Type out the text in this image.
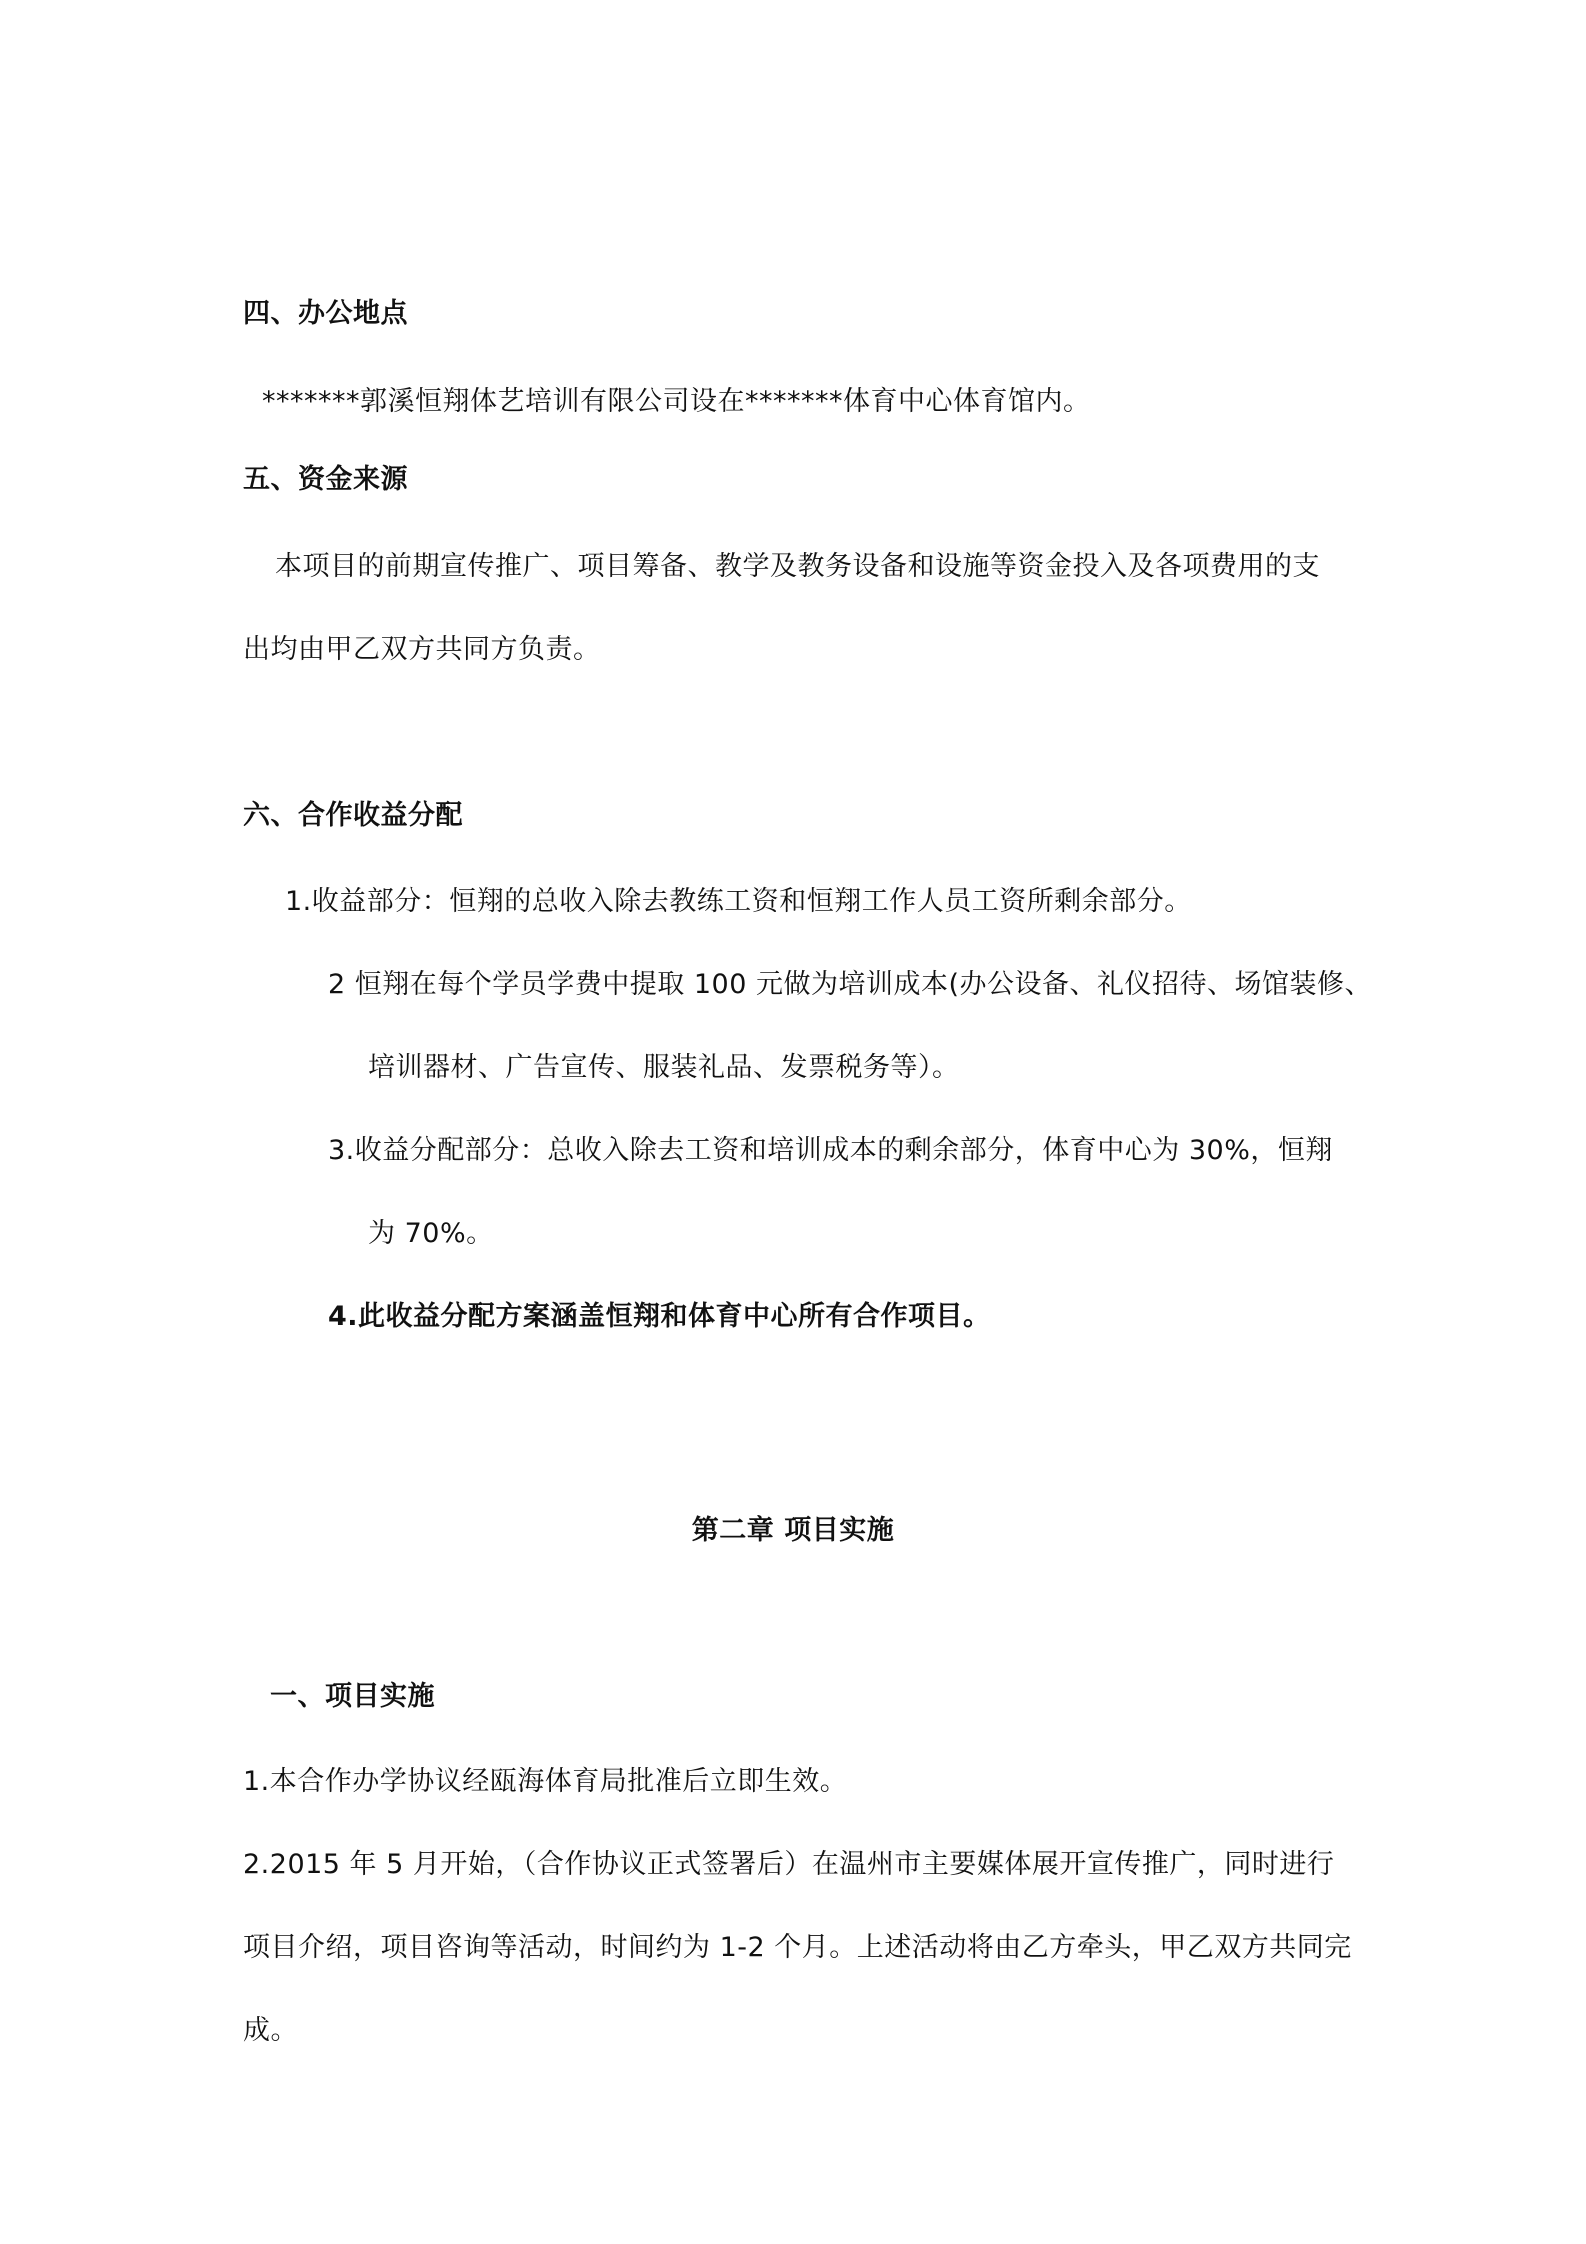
四、办公地点
*******郭溪恒翔体艺培训有限公司设在*******体育中心体育馆内。
五、资金来源
本项目的前期宣传推广、项目筹备、教学及教务设备和设施等资金投入及各项费用的支
出均由甲乙双方共同方负责。
六、合作收益分配
1.收益部分：恒翔的总收入除去教练工资和恒翔工作人员工资所剩余部分。
2 恒翔在每个学员学费中提取 100 元做为培训成本(办公设备、礼仪招待、场馆装修、
培训器材、广告宣传、服装礼品、发票税务等）。
3.收益分配部分：总收入除去工资和培训成本的剩余部分，体育中心为 30%，恒翔
为 70%。
4.此收益分配方案涵盖恒翔和体育中心所有合作项目。
第二章 项目实施
一、项目实施
1.本合作办学协议经瓯海体育局批准后立即生效。
2.2015 年 5 月开始，（合作协议正式签署后）在温州市主要媒体展开宣传推广，同时进行
项目介绍，项目咨询等活动，时间约为 1-2 个月。上述活动将由乙方牵头，甲乙双方共同完
成。
